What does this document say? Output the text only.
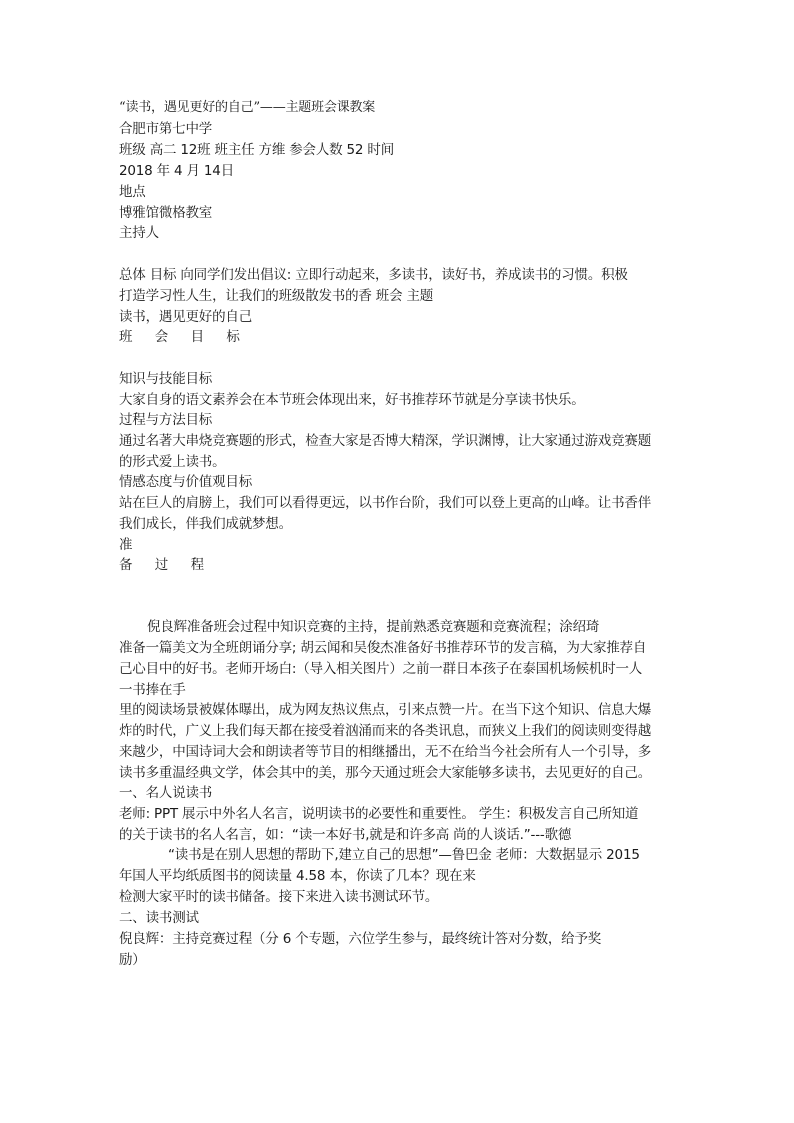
“读书，遇见更好的自己”——主题班会课教案
合肥市第七中学
班级 高二 12班 班主任 方维 参会人数 52 时间
2018 年 4 月 14日
地点
博雅馆微格教室
主持人
总体 目标 向同学们发出倡议: 立即行动起来，多读书，读好书，养成读书的习惯。积极
打造学习性人生，让我们的班级散发书的香 班会 主题
读书，遇见更好的自己
班 会 目 标
知识与技能目标
大家自身的语文素养会在本节班会体现出来，好书推荐环节就是分享读书快乐。
过程与方法目标
通过名著大串烧竞赛题的形式，检查大家是否博大精深，学识渊博，让大家通过游戏竞赛题
的形式爱上读书。
情感态度与价值观目标
站在巨人的肩膀上，我们可以看得更远，以书作台阶，我们可以登上更高的山峰。让书香伴
我们成长，伴我们成就梦想。
准
备 过 程
倪良辉准备班会过程中知识竞赛的主持，提前熟悉竞赛题和竞赛流程；涂绍琦
准备一篇美文为全班朗诵分享; 胡云闻和吴俊杰准备好书推荐环节的发言稿，为大家推荐自
己心目中的好书。老师开场白:（导入相关图片）之前一群日本孩子在泰国机场候机时一人
一书捧在手
里的阅读场景被媒体曝出，成为网友热议焦点，引来点赞一片。在当下这个知识、信息大爆
炸的时代，广义上我们每天都在接受着汹涌而来的各类讯息，而狭义上我们的阅读则变得越
来越少，中国诗词大会和朗读者等节目的相继播出，无不在给当今社会所有人一个引导，多
读书多重温经典文学，体会其中的美，那今天通过班会大家能够多读书，去见更好的自己。
一、名人说读书
老师: PPT 展示中外名人名言，说明读书的必要性和重要性。 学生：积极发言自己所知道
的关于读书的名人名言，如：“读一本好书,就是和许多高 尚的人谈话.”---歌德
“读书是在别人思想的帮助下,建立自己的思想”—鲁巴金 老师：大数据显示 2015
年国人平均纸质图书的阅读量 4.58 本，你读了几本？现在来
检测大家平时的读书储备。接下来进入读书测试环节。
二、读书测试
倪良辉：主持竞赛过程（分 6 个专题，六位学生参与，最终统计答对分数，给予奖
励）
